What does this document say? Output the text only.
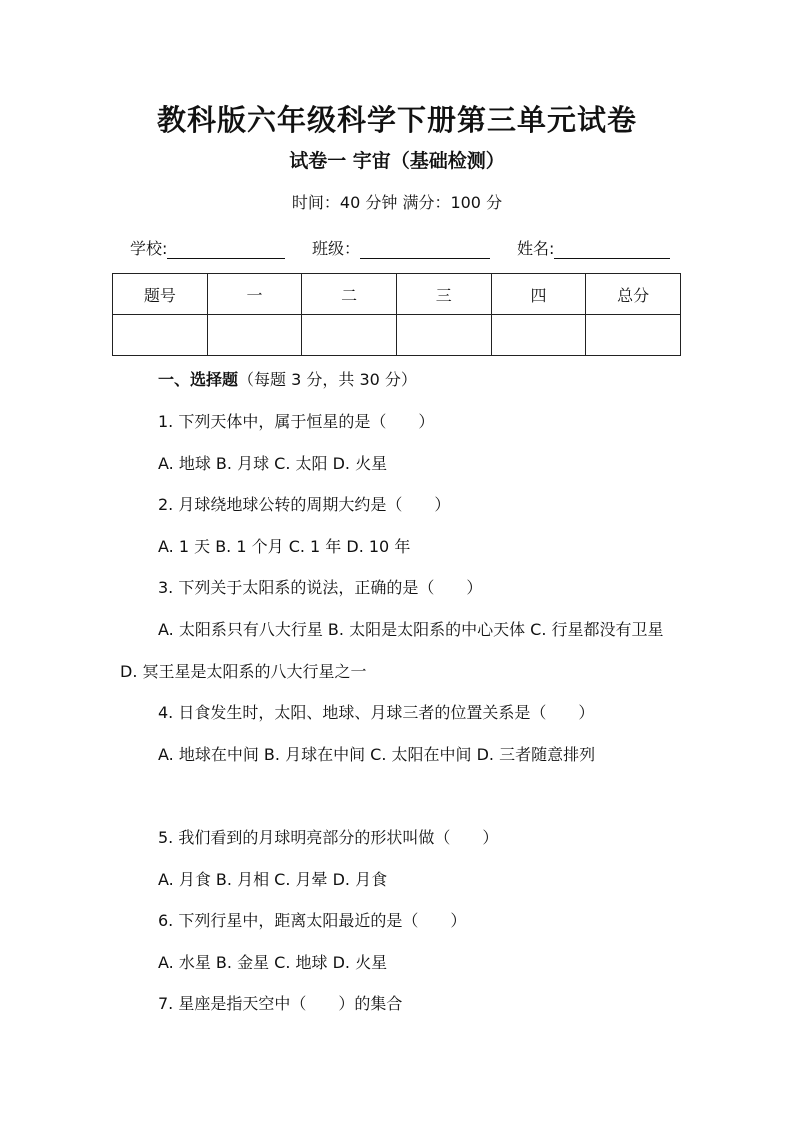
教科版六年级科学下册第三单元试卷
试卷一 宇宙（基础检测）
时间：40 分钟 满分：100 分
学校:	班级：	姓名:
题号	一	二	三	四	总分

一、选择题（每题 3 分，共 30 分）
1. 下列天体中，属于恒星的是（　　）
A. 地球 B. 月球 C. 太阳 D. 火星
2. 月球绕地球公转的周期大约是（　　）
A. 1 天 B. 1 个月 C. 1 年 D. 10 年
3. 下列关于太阳系的说法，正确的是（　　）
A. 太阳系只有八大行星 B. 太阳是太阳系的中心天体 C. 行星都没有卫星 D. 冥王星是太阳系的八大行星之一
4. 日食发生时，太阳、地球、月球三者的位置关系是（　　）
A. 地球在中间 B. 月球在中间 C. 太阳在中间 D. 三者随意排列
5. 我们看到的月球明亮部分的形状叫做（　　）
A. 月食 B. 月相 C. 月晕 D. 月食
6. 下列行星中，距离太阳最近的是（　　）
A. 水星 B. 金星 C. 地球 D. 火星
7. 星座是指天空中（　　）的集合
